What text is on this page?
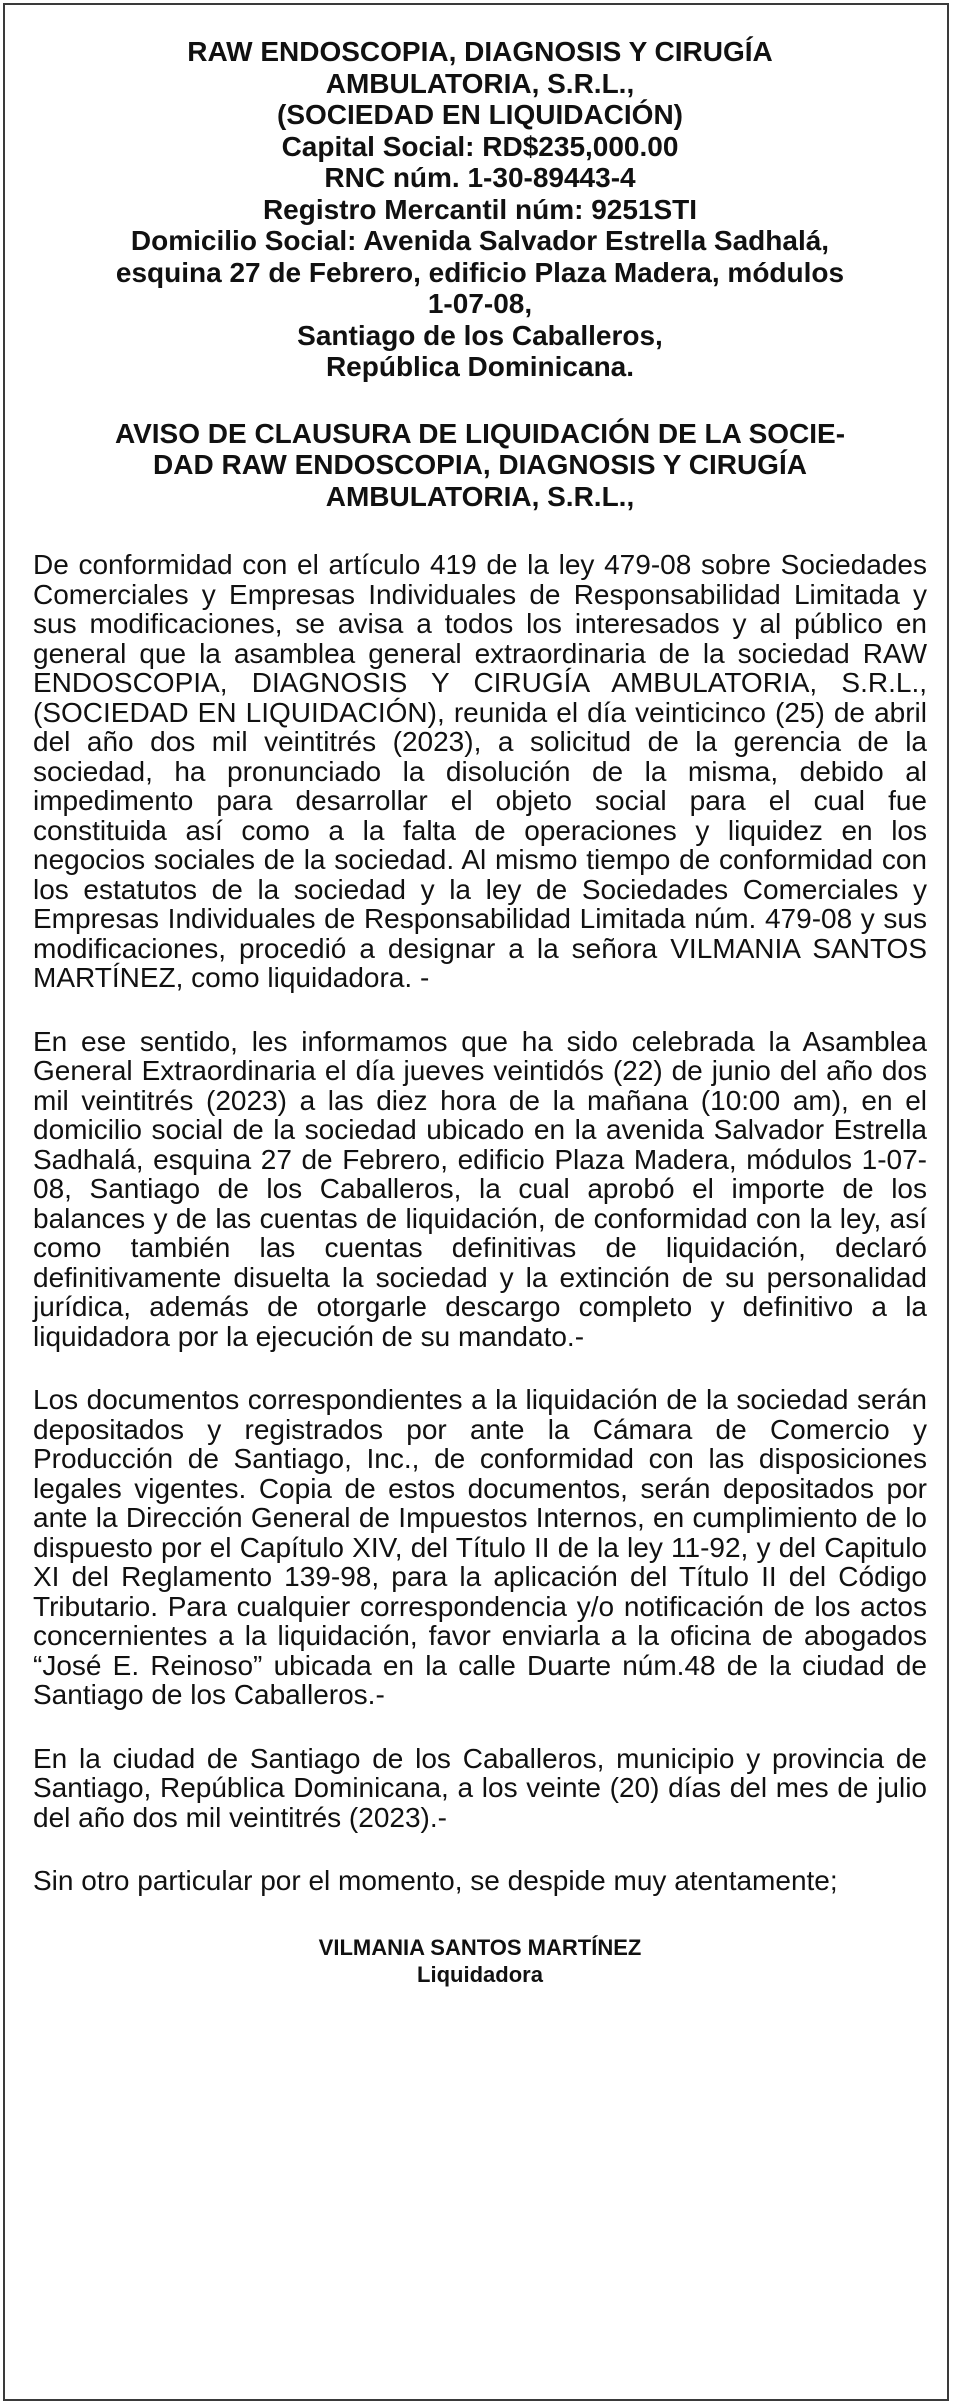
RAW ENDOSCOPIA, DIAGNOSIS Y CIRUGÍA
AMBULATORIA, S.R.L.,
(SOCIEDAD EN LIQUIDACIÓN)
Capital Social: RD$235,000.00
RNC núm. 1-30-89443-4
Registro Mercantil núm: 9251STI
Domicilio Social: Avenida Salvador Estrella Sadhalá,
esquina 27 de Febrero, edificio Plaza Madera, módulos
1-07-08,
Santiago de los Caballeros,
República Dominicana.
AVISO DE CLAUSURA DE LIQUIDACIÓN DE LA SOCIE-
DAD RAW ENDOSCOPIA, DIAGNOSIS Y CIRUGÍA
AMBULATORIA, S.R.L.,

De conformidad con el artículo 419 de la ley 479-08 sobre Sociedades Comerciales y Empresas Individuales de Responsabilidad Limitada y sus modificaciones, se avisa a todos los interesados y al público en general que la asamblea general extraordinaria de la sociedad RAW ENDOSCOPIA, DIAGNOSIS Y CIRUGÍA AMBULATORIA, S.R.L., (SOCIEDAD EN LIQUIDACIÓN), reunida el día veinticinco (25) de abril del año dos mil veintitrés (2023), a solicitud de la gerencia de la sociedad, ha pronunciado la disolución de la misma, debido al impedimento para desarrollar el objeto social para el cual fue constituida así como a la falta de operaciones y liquidez en los negocios sociales de la sociedad. Al mismo tiempo de conformidad con los estatutos de la sociedad y la ley de Sociedades Comerciales y Empresas Individuales de Responsabilidad Limitada núm. 479-08 y sus modificaciones, procedió a designar a la señora VILMANIA SANTOS MARTÍNEZ, como liquidadora. -

En ese sentido, les informamos que ha sido celebrada la Asamblea General Extraordinaria el día jueves veintidós (22) de junio del año dos mil veintitrés (2023) a las diez hora de la mañana (10:00 am), en el domicilio social de la sociedad ubicado en la avenida Salvador Estrella Sadhalá, esquina 27 de Febrero, edificio Plaza Madera, módulos 1-07-08, Santiago de los Caballeros, la cual aprobó el importe de los balances y de las cuentas de liquidación, de conformidad con la ley, así como también las cuentas definitivas de liquidación, declaró definitivamente disuelta la sociedad y la extinción de su personalidad jurídica, además de otorgarle descargo completo y definitivo a la liquidadora por la ejecución de su mandato.-

Los documentos correspondientes a la liquidación de la sociedad serán depositados y registrados por ante la Cámara de Comercio y Producción de Santiago, Inc., de conformidad con las disposiciones legales vigentes. Copia de estos documentos, serán depositados por ante la Dirección General de Impuestos Internos, en cumplimiento de lo dispuesto por el Capítulo XIV, del Título II de la ley 11-92, y del Capitulo XI del Reglamento 139-98, para la aplicación del Título II del Código Tributario. Para cualquier correspondencia y/o notificación de los actos concernientes a la liquidación, favor enviarla a la oficina de abogados “José E. Reinoso” ubicada en la calle Duarte núm.48 de la ciudad de Santiago de los Caballeros.-

En la ciudad de Santiago de los Caballeros, municipio y provincia de Santiago, República Dominicana, a los veinte (20) días del mes de julio del año dos mil veintitrés (2023).-

Sin otro particular por el momento, se despide muy atentamente;

VILMANIA SANTOS MARTÍNEZ
Liquidadora
